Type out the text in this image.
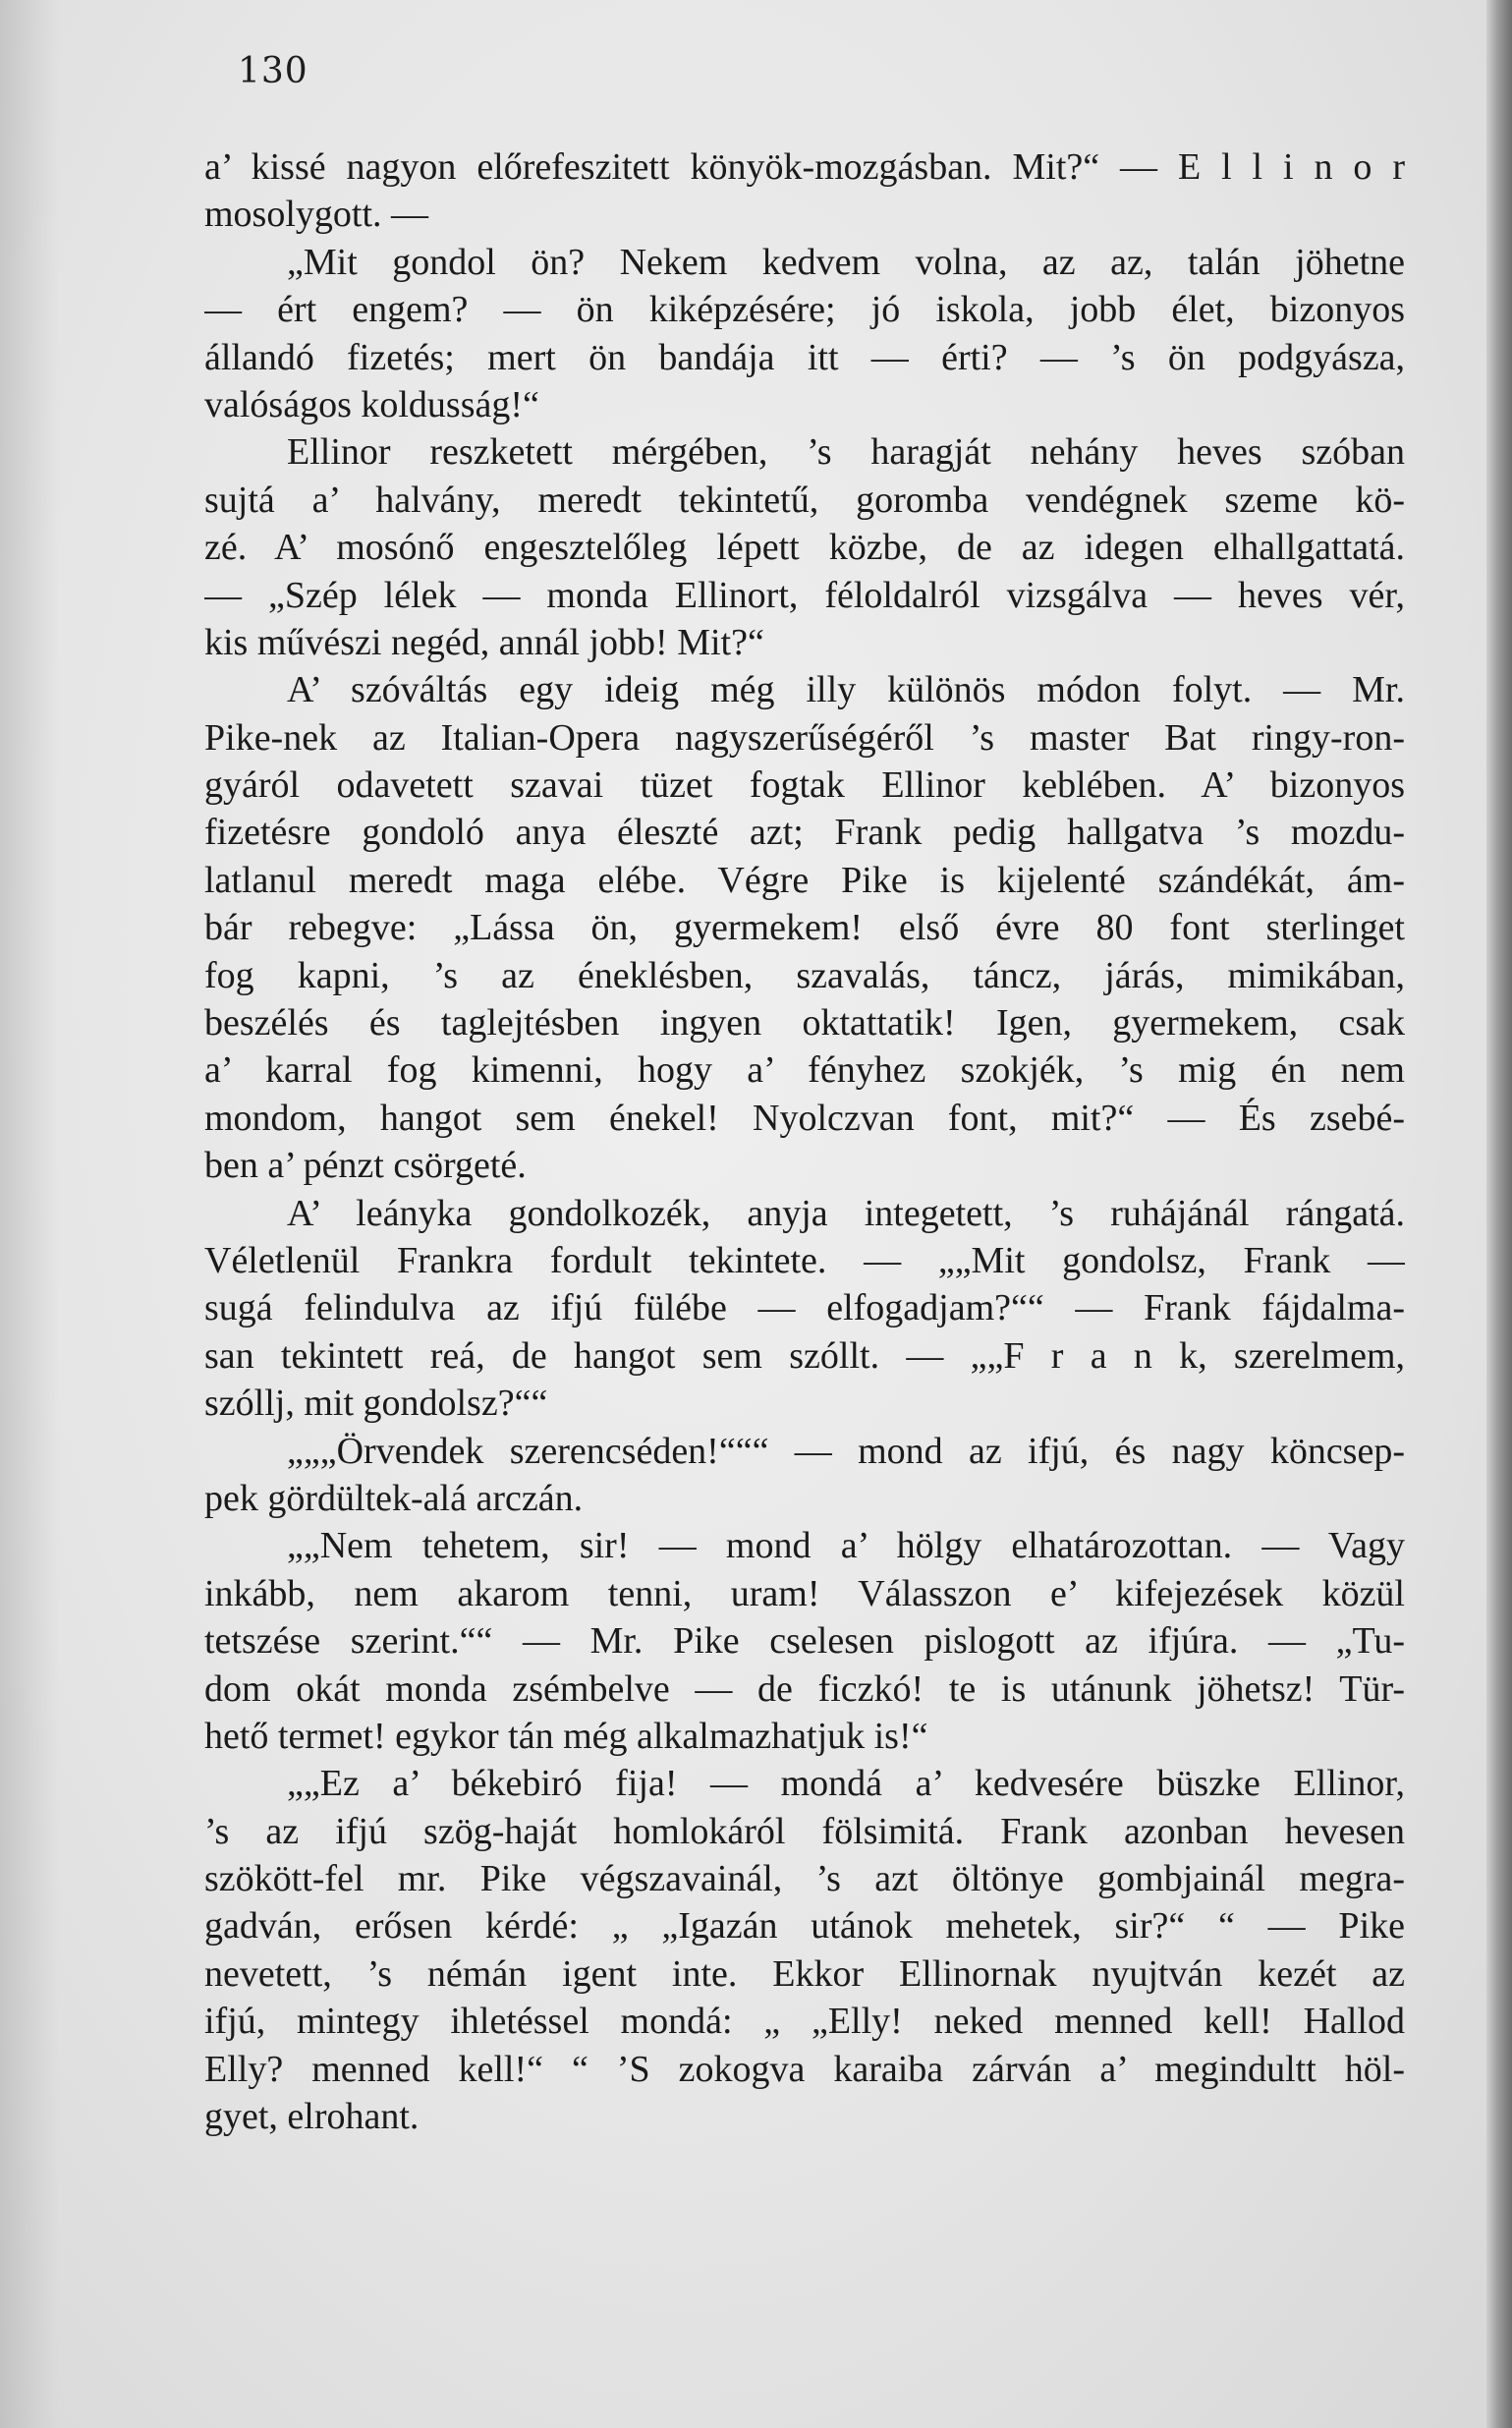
130
a’ kissé nagyon előrefeszitett könyök-mozgásban. Mit?“ — E l l i n o r
mosolygott. —
„Mit gondol ön? Nekem kedvem volna, az az, talán jöhetne
— ért engem? — ön kiképzésére; jó iskola, jobb élet, bizonyos
állandó fizetés; mert ön bandája itt — érti? — ’s ön podgyásza,
valóságos koldusság!“
Ellinor reszketett mérgében, ’s haragját nehány heves szóban
sujtá a’ halvány, meredt tekintetű, goromba vendégnek szeme kö-
zé. A’ mosónő engesztelőleg lépett közbe, de az idegen elhallgattatá.
— „Szép lélek — monda Ellinort, féloldalról vizsgálva — heves vér,
kis művészi negéd, annál jobb! Mit?“
A’ szóváltás egy ideig még illy különös módon folyt. — Mr.
Pike-nek az Italian-Opera nagyszerűségéről ’s master Bat ringy-ron-
gyáról odavetett szavai tüzet fogtak Ellinor keblében. A’ bizonyos
fizetésre gondoló anya éleszté azt; Frank pedig hallgatva ’s mozdu-
latlanul meredt maga elébe. Végre Pike is kijelenté szándékát, ám-
bár rebegve: „Lássa ön, gyermekem! első évre 80 font sterlinget
fog kapni, ’s az éneklésben, szavalás, táncz, járás, mimikában,
beszélés és taglejtésben ingyen oktattatik! Igen, gyermekem, csak
a’ karral fog kimenni, hogy a’ fényhez szokjék, ’s mig én nem
mondom, hangot sem énekel! Nyolczvan font, mit?“ — És zsebé-
ben a’ pénzt csörgeté.
A’ leányka gondolkozék, anyja integetett, ’s ruhájánál rángatá.
Véletlenül Frankra fordult tekintete. — „„Mit gondolsz, Frank —
sugá felindulva az ifjú fülébe — elfogadjam?““ — Frank fájdalma-
san tekintett reá, de hangot sem szóllt. — „„F r a n k, szerelmem,
szóllj, mit gondolsz?““
„„„Örvendek szerencséden!“““ — mond az ifjú, és nagy köncsep-
pek gördültek-alá arczán.
„„Nem tehetem, sir! — mond a’ hölgy elhatározottan. — Vagy
inkább, nem akarom tenni, uram! Válasszon e’ kifejezések közül
tetszése szerint.““ — Mr. Pike cselesen pislogott az ifjúra. — „Tu-
dom okát monda zsémbelve — de ficzkó! te is utánunk jöhetsz! Tür-
hető termet! egykor tán még alkalmazhatjuk is!“
„„Ez a’ békebiró fija! — mondá a’ kedvesére büszke Ellinor,
’s az ifjú szög-haját homlokáról fölsimitá. Frank azonban hevesen
szökött-fel mr. Pike végszavainál, ’s azt öltönye gombjainál megra-
gadván, erősen kérdé: „ „Igazán utánok mehetek, sir?“ “ — Pike
nevetett, ’s némán igent inte. Ekkor Ellinornak nyujtván kezét az
ifjú, mintegy ihletéssel mondá: „ „Elly! neked menned kell! Hallod
Elly? menned kell!“ “ ’S zokogva karaiba zárván a’ megindultt höl-
gyet, elrohant.
